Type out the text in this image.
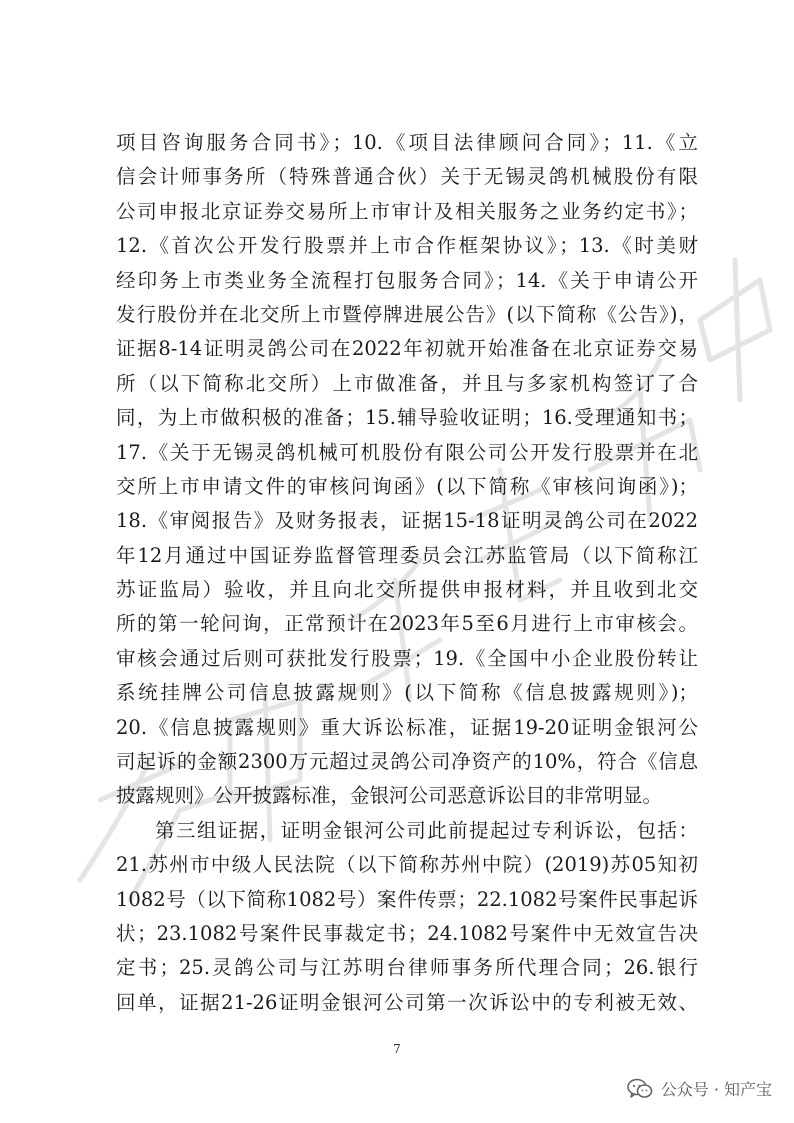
项目咨询服务合同书》；10.《项目法律顾问合同》；11.《立
信会计师事务所（特殊普通合伙）关于无锡灵鸽机械股份有限
公司申报北京证券交易所上市审计及相关服务之业务约定书》；
12.《首次公开发行股票并上市合作框架协议》；13.《时美财
经印务上市类业务全流程打包服务合同》；14.《关于申请公开
发行股份并在北交所上市暨停牌进展公告》(以下简称《公告》)，
证据8-14证明灵鸽公司在2022年初就开始准备在北京证券交易
所（以下简称北交所）上市做准备，并且与多家机构签订了合
同，为上市做积极的准备；15.辅导验收证明；16.受理通知书；
17.《关于无锡灵鸽机械可机股份有限公司公开发行股票并在北
交所上市申请文件的审核问询函》(以下简称《审核问询函》)；
18.《审阅报告》及财务报表，证据15-18证明灵鸽公司在2022
年12月通过中国证券监督管理委员会江苏监管局（以下简称江
苏证监局）验收，并且向北交所提供申报材料，并且收到北交
所的第一轮问询，正常预计在2023年5至6月进行上市审核会。
审核会通过后则可获批发行股票；19.《全国中小企业股份转让
系统挂牌公司信息披露规则》(以下简称《信息披露规则》)；
20.《信息披露规则》重大诉讼标准，证据19-20证明金银河公
司起诉的金额2300万元超过灵鸽公司净资产的10%，符合《信息
披露规则》公开披露标准，金银河公司恶意诉讼目的非常明显。
第三组证据，证明金银河公司此前提起过专利诉讼，包括：
21.苏州市中级人民法院（以下简称苏州中院）(2019)苏05知初
1082号（以下简称1082号）案件传票；22.1082号案件民事起诉
状；23.1082号案件民事裁定书；24.1082号案件中无效宣告决
定书；25.灵鸽公司与江苏明台律师事务所代理合同；26.银行
回单，证据21-26证明金银河公司第一次诉讼中的专利被无效、
7
公众号 · 知产宝
